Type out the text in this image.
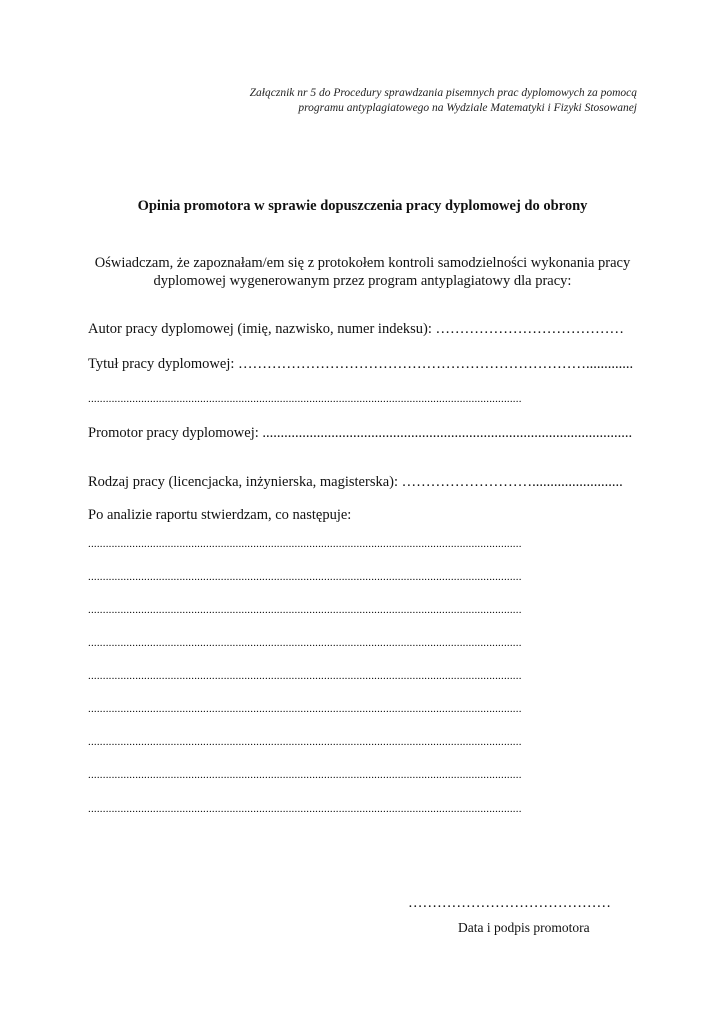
Załącznik nr 5 do Procedury sprawdzania pisemnych prac dyplomowych za pomocą
programu antyplagiatowego na Wydziale Matematyki i Fizyki Stosowanej
Opinia promotora w sprawie dopuszczenia pracy dyplomowej do obrony
Oświadczam, że zapoznałam/em się z protokołem kontroli samodzielności wykonania pracy
dyplomowej wygenerowanym przez program antyplagiatowy dla pracy:
Autor pracy dyplomowej (imię, nazwisko, numer indeksu): …………………………………
Tytuł pracy dyplomowej: ……………………………………………………………….............
...................................................................................................................................................
Promotor pracy dyplomowej: ......................................................................................................
Rodzaj pracy (licencjacka, inżynierska, magisterska): ……………………….........................
Po analizie raportu stwierdzam, co następuje:
...................................................................................................................................................
...................................................................................................................................................
...................................................................................................................................................
...................................................................................................................................................
...................................................................................................................................................
...................................................................................................................................................
...................................................................................................................................................
...................................................................................................................................................
...................................................................................................................................................
……………………………………
Data i podpis promotora
